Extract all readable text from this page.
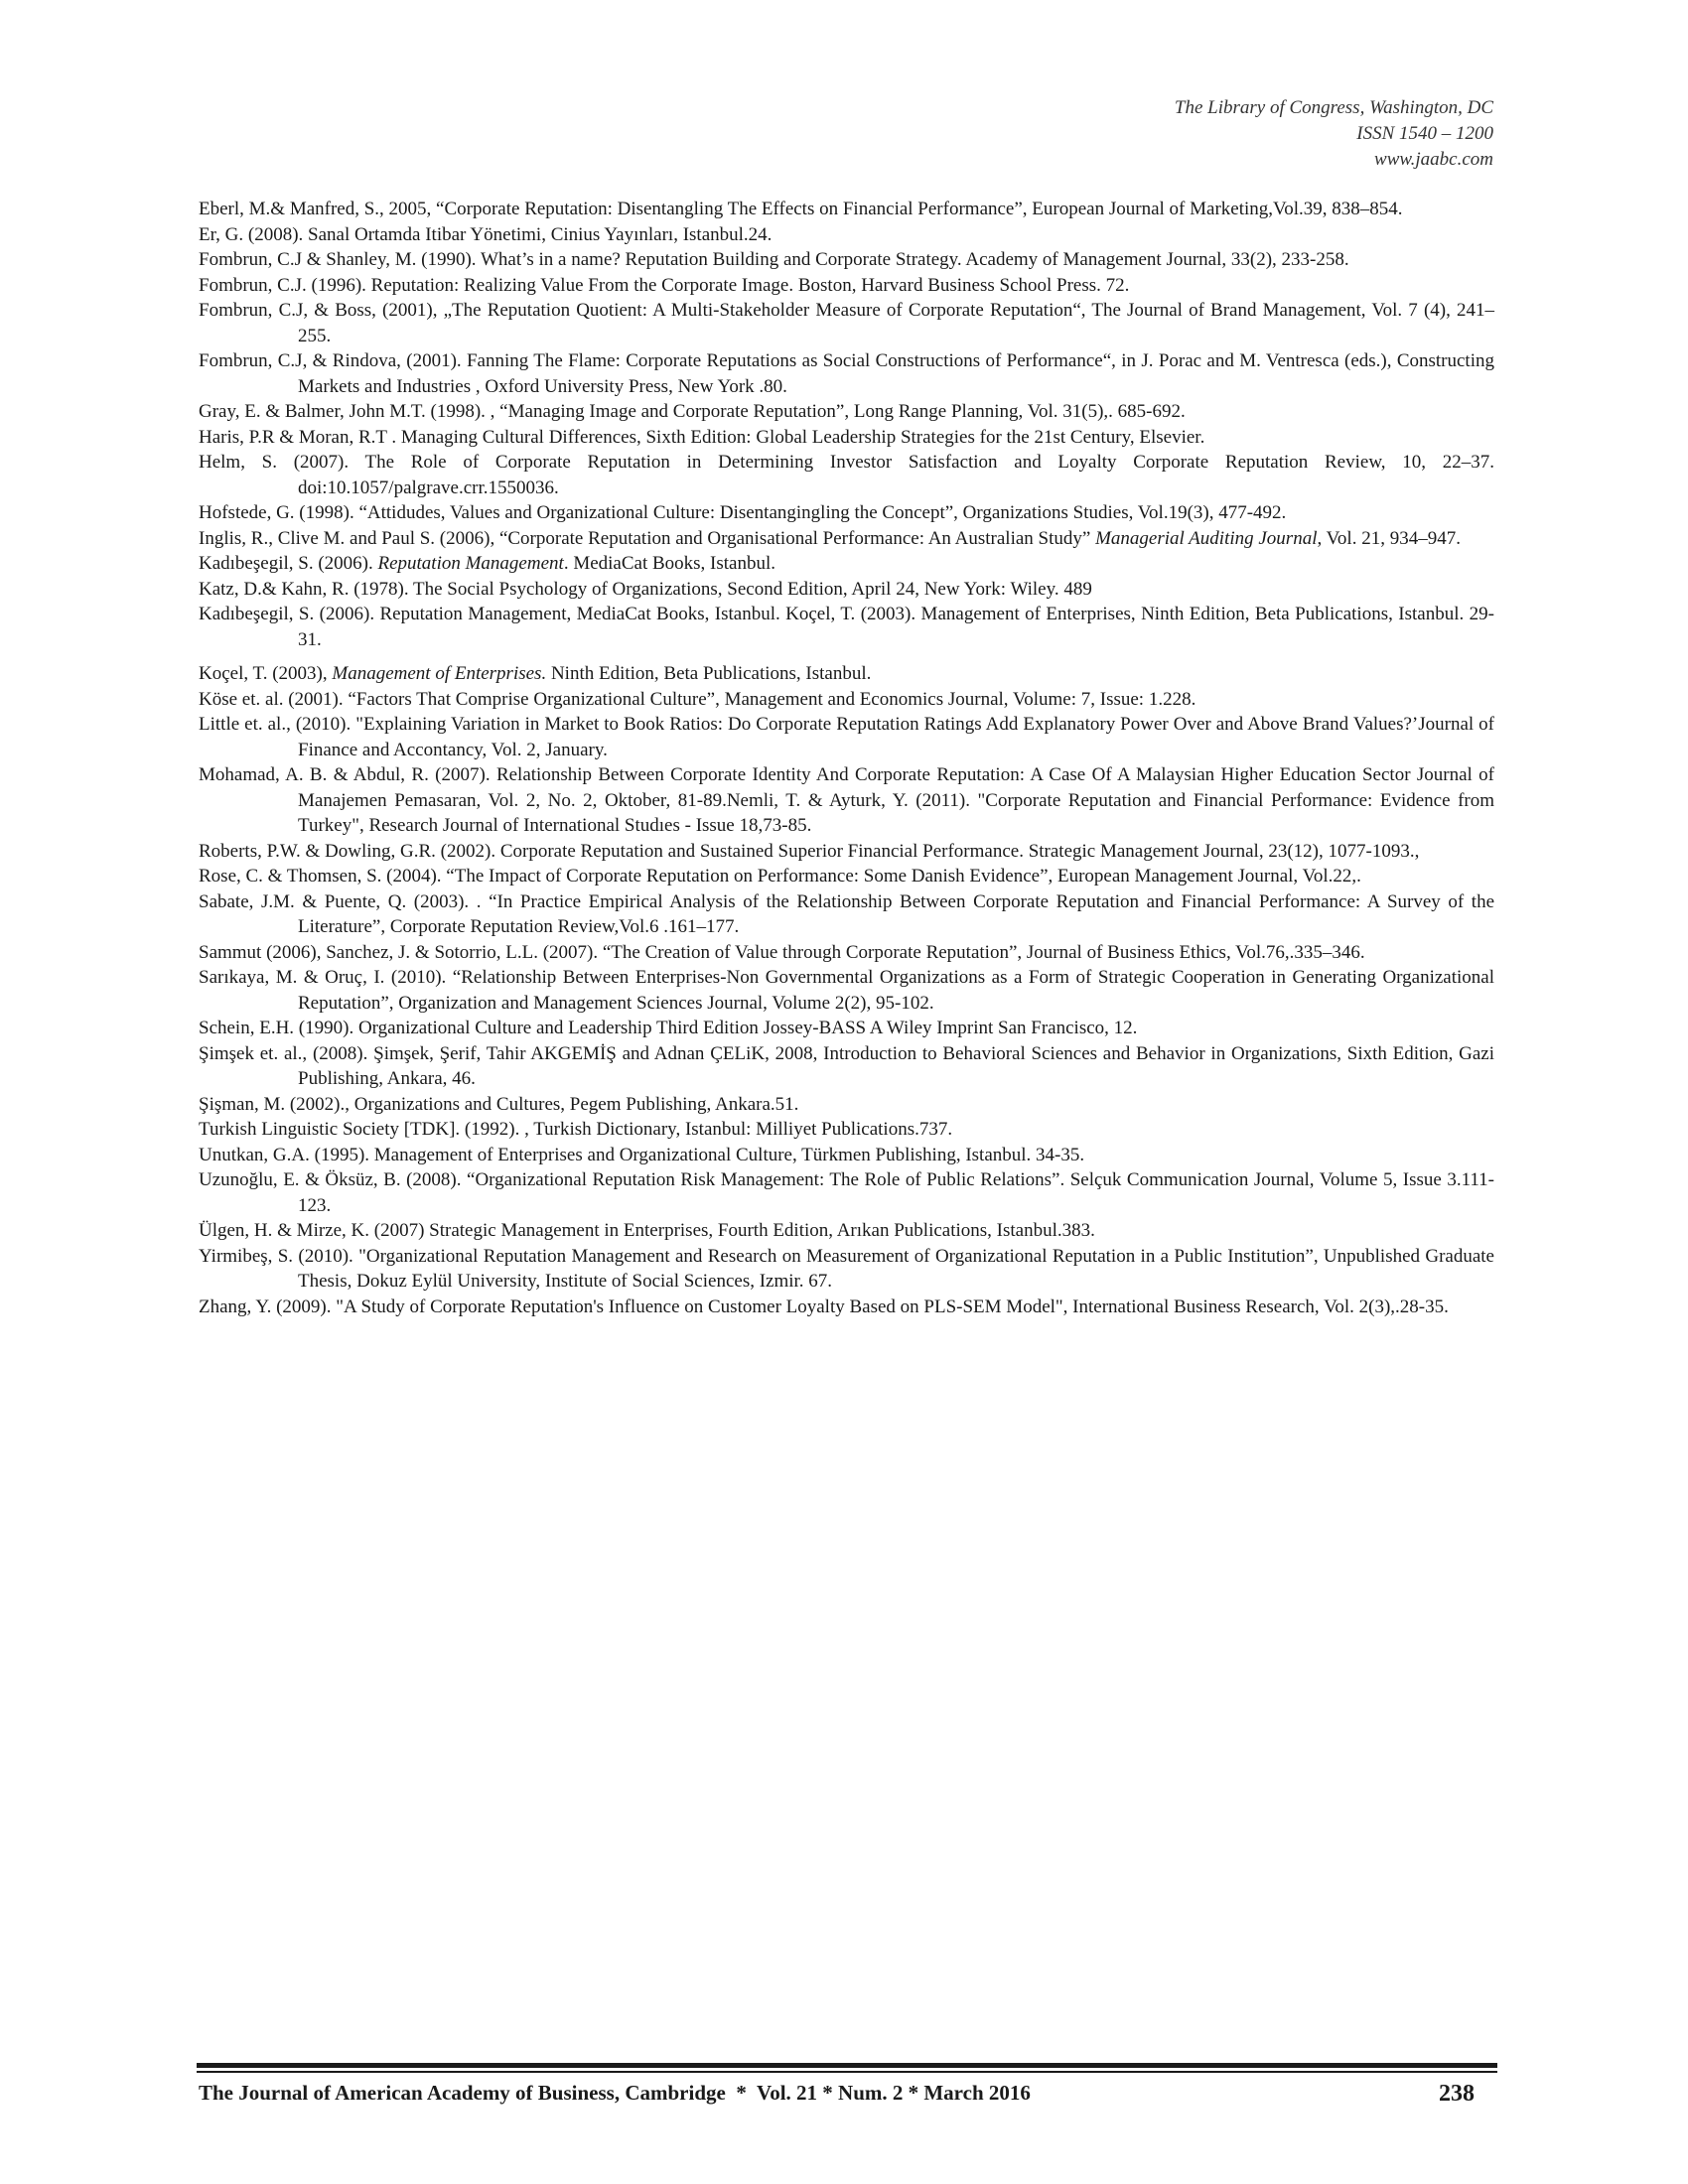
The Library of Congress, Washington, DC
ISSN 1540 – 1200
www.jaabc.com

Eberl, M.& Manfred, S., 2005, “Corporate Reputation: Disentangling The Effects on Financial Performance”, European Journal of Marketing,Vol.39, 838–854.

Er, G. (2008). Sanal Ortamda Itibar Yönetimi, Cinius Yayınları, Istanbul.24.

Fombrun, C.J & Shanley, M. (1990). What’s in a name? Reputation Building and Corporate Strategy. Academy of Management Journal, 33(2), 233-258.

Fombrun, C.J. (1996). Reputation: Realizing Value From the Corporate Image. Boston, Harvard Business School Press. 72.

Fombrun, C.J, & Boss, (2001), „The Reputation Quotient: A Multi-Stakeholder Measure of Corporate Reputation“, The Journal of Brand Management, Vol. 7 (4), 241–255.

Fombrun, C.J, & Rindova, (2001). Fanning The Flame: Corporate Reputations as Social Constructions of Performance“, in J. Porac and M. Ventresca (eds.), Constructing Markets and Industries , Oxford University Press, New York .80.

Gray, E. & Balmer, John M.T. (1998). , “Managing Image and Corporate Reputation”, Long Range Planning, Vol. 31(5),. 685-692.

Haris, P.R & Moran, R.T . Managing Cultural Differences, Sixth Edition: Global Leadership Strategies for the 21st Century, Elsevier.

Helm, S. (2007). The Role of Corporate Reputation in Determining Investor Satisfaction and Loyalty Corporate Reputation Review, 10, 22–37. doi:10.1057/palgrave.crr.1550036.

Hofstede, G. (1998). “Attidudes, Values and Organizational Culture: Disentangingling the Concept”, Organizations Studies, Vol.19(3), 477-492.

Inglis, R., Clive M. and Paul S. (2006), “Corporate Reputation and Organisational Performance: An Australian Study” Managerial Auditing Journal, Vol. 21, 934–947.

Kadıbeşegil, S. (2006). Reputation Management. MediaCat Books, Istanbul.

Katz, D.& Kahn, R. (1978). The Social Psychology of Organizations, Second Edition, April 24, New York: Wiley. 489

Kadıbeşegil, S. (2006). Reputation Management, MediaCat Books, Istanbul. Koçel, T. (2003). Management of Enterprises, Ninth Edition, Beta Publications, Istanbul. 29-31.

Koçel, T. (2003), Management of Enterprises. Ninth Edition, Beta Publications, Istanbul.

Köse et. al. (2001). “Factors That Comprise Organizational Culture”, Management and Economics Journal, Volume: 7, Issue: 1.228.

Little et. al., (2010). "Explaining Variation in Market to Book Ratios: Do Corporate Reputation Ratings Add Explanatory Power Over and Above Brand Values?’Journal of Finance and Accontancy, Vol. 2, January.

Mohamad, A. B. & Abdul, R. (2007). Relationship Between Corporate Identity And Corporate Reputation: A Case Of A Malaysian Higher Education Sector Journal of Manajemen Pemasaran, Vol. 2, No. 2, Oktober, 81-89.Nemli, T. & Ayturk, Y. (2011). "Corporate Reputation and Financial Performance: Evidence from Turkey", Research Journal of International Studıes - Issue 18,73-85.

Roberts, P.W. & Dowling, G.R. (2002). Corporate Reputation and Sustained Superior Financial Performance. Strategic Management Journal, 23(12), 1077-1093.,

Rose, C. & Thomsen, S. (2004). “The Impact of Corporate Reputation on Performance: Some Danish Evidence”, European Management Journal, Vol.22,.

Sabate, J.M. & Puente, Q. (2003). . “In Practice Empirical Analysis of the Relationship Between Corporate Reputation and Financial Performance: A Survey of the Literature”, Corporate Reputation Review,Vol.6 .161–177.

Sammut (2006), Sanchez, J. & Sotorrio, L.L. (2007). “The Creation of Value through Corporate Reputation”, Journal of Business Ethics, Vol.76,.335–346.

Sarıkaya, M. & Oruç, I. (2010). “Relationship Between Enterprises-Non Governmental Organizations as a Form of Strategic Cooperation in Generating Organizational Reputation”, Organization and Management Sciences Journal, Volume 2(2), 95-102.

Schein, E.H. (1990). Organizational Culture and Leadership Third Edition Jossey-BASS A Wiley Imprint San Francisco, 12.

Şimşek et. al., (2008). Şimşek, Şerif, Tahir AKGEMİŞ and Adnan ÇELiK, 2008, Introduction to Behavioral Sciences and Behavior in Organizations, Sixth Edition, Gazi Publishing, Ankara, 46.

Şişman, M. (2002)., Organizations and Cultures, Pegem Publishing, Ankara.51.

Turkish Linguistic Society [TDK]. (1992). , Turkish Dictionary, Istanbul: Milliyet Publications.737.

Unutkan, G.A. (1995). Management of Enterprises and Organizational Culture, Türkmen Publishing, Istanbul. 34-35.

Uzunoğlu, E. & Öksüz, B. (2008). “Organizational Reputation Risk Management: The Role of Public Relations”. Selçuk Communication Journal, Volume 5, Issue 3.111-123.

Ülgen, H. & Mirze, K. (2007) Strategic Management in Enterprises, Fourth Edition, Arıkan Publications, Istanbul.383.

Yirmibeş, S. (2010). "Organizational Reputation Management and Research on Measurement of Organizational Reputation in a Public Institution”, Unpublished Graduate Thesis, Dokuz Eylül University, Institute of Social Sciences, Izmir. 67.

Zhang, Y. (2009). "A Study of Corporate Reputation's Influence on Customer Loyalty Based on PLS-SEM Model", International Business Research, Vol. 2(3),.28-35.

The Journal of American Academy of Business, Cambridge  *  Vol. 21 * Num. 2 * March 2016	238
